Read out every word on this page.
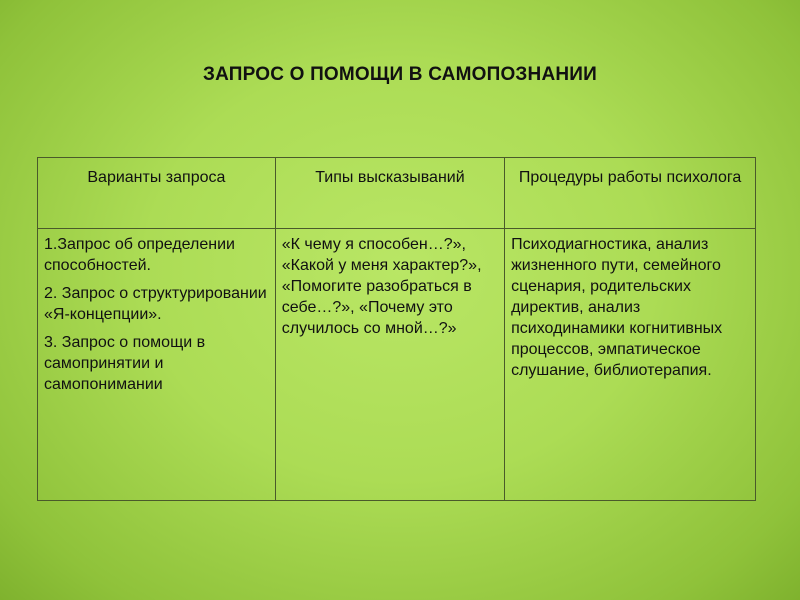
ЗАПРОС О ПОМОЩИ В САМОПОЗНАНИИ
Варианты запроса	Типы высказываний	Процедуры работы психолога

1.Запрос об определении способностей.

2. Запрос о структурировании «Я-концепции».

3. Запрос о помощи в самопринятии и самопонимании	«К чему я способен…?», «Какой у меня характер?», «Помогите разобраться в себе…?», «Почему это случилось со мной…?»	Психодиагностика, анализ жизненного пути, семейного сценария, родительских директив, анализ психодинамики когнитивных процессов, эмпатическое слушание, библиотерапия.
